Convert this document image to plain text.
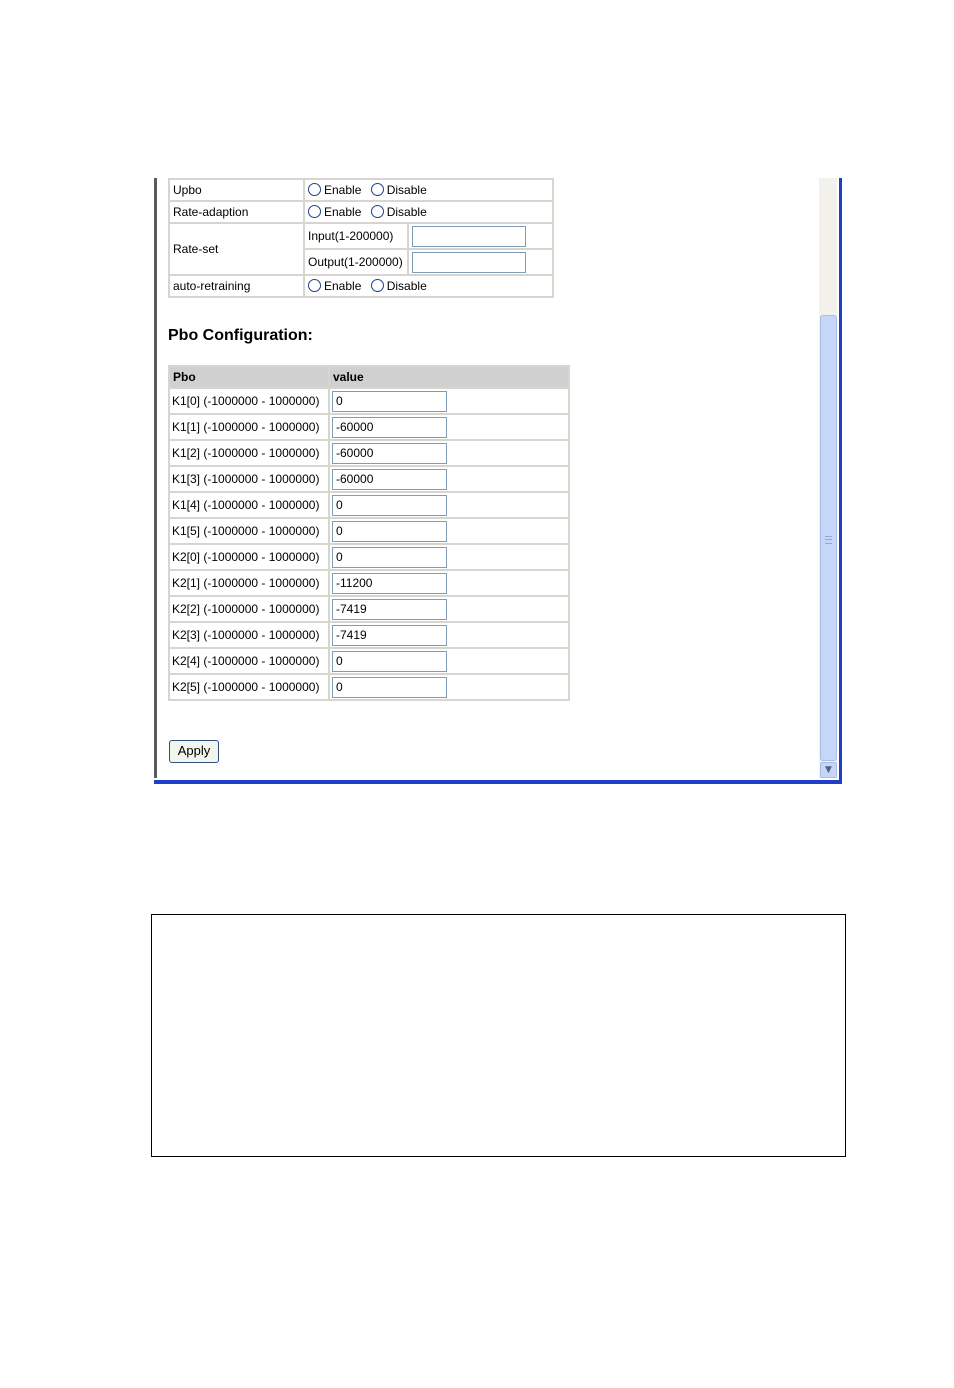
Upbo	Enable Disable	
Rate-adaption	Enable Disable	
Rate-set	Input(1-200000)	
	Output(1-200000)	
auto-retraining	Enable Disable	
Pbo Configuration:
Pbo	value
K1[0] (-1000000 - 1000000)	0
K1[1] (-1000000 - 1000000)	-60000
K1[2] (-1000000 - 1000000)	-60000
K1[3] (-1000000 - 1000000)	-60000
K1[4] (-1000000 - 1000000)	0
K1[5] (-1000000 - 1000000)	0
K2[0] (-1000000 - 1000000)	0
K2[1] (-1000000 - 1000000)	-11200
K2[2] (-1000000 - 1000000)	-7419
K2[3] (-1000000 - 1000000)	-7419
K2[4] (-1000000 - 1000000)	0
K2[5] (-1000000 - 1000000)	0
Apply
▼
